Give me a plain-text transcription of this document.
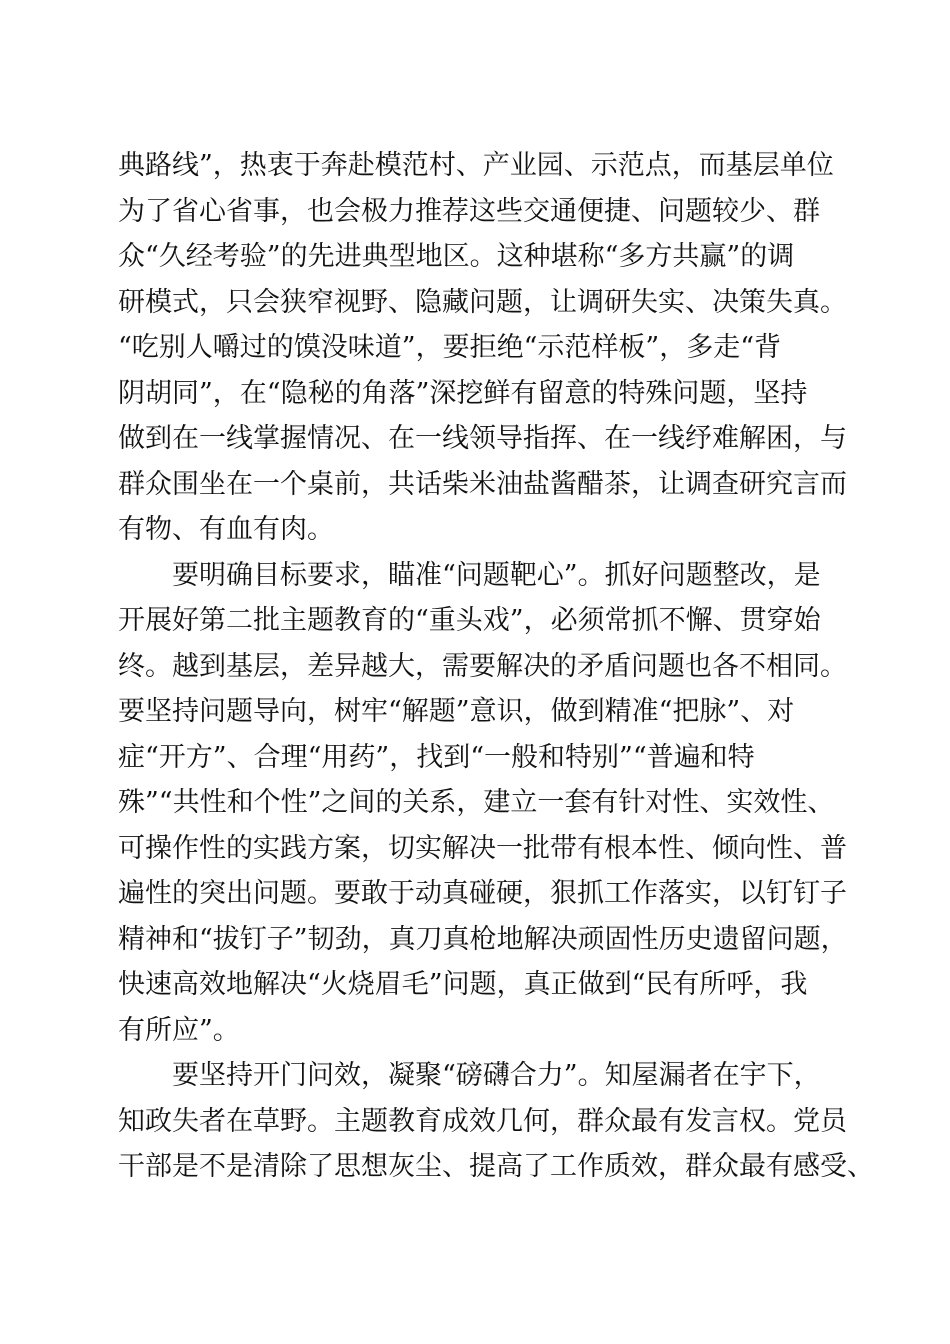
典路线”，热衷于奔赴模范村、产业园、示范点，而基层单位
为了省心省事，也会极力推荐这些交通便捷、问题较少、群
众“久经考验”的先进典型地区。这种堪称“多方共赢”的调
研模式，只会狭窄视野、隐藏问题，让调研失实、决策失真。
“吃别人嚼过的馍没味道”，要拒绝“示范样板”，多走“背
阴胡同”，在“隐秘的角落”深挖鲜有留意的特殊问题，坚持
做到在一线掌握情况、在一线领导指挥、在一线纾难解困，与
群众围坐在一个桌前，共话柴米油盐酱醋茶，让调查研究言而
有物、有血有肉。
要明确目标要求，瞄准“问题靶心”。抓好问题整改，是
开展好第二批主题教育的“重头戏”，必须常抓不懈、贯穿始
终。越到基层，差异越大，需要解决的矛盾问题也各不相同。
要坚持问题导向，树牢“解题”意识，做到精准“把脉”、对
症“开方”、合理“用药”，找到“一般和特别”“普遍和特
殊”“共性和个性”之间的关系，建立一套有针对性、实效性、
可操作性的实践方案，切实解决一批带有根本性、倾向性、普
遍性的突出问题。要敢于动真碰硬，狠抓工作落实，以钉钉子
精神和“拔钉子”韧劲，真刀真枪地解决顽固性历史遗留问题，
快速高效地解决“火烧眉毛”问题，真正做到“民有所呼，我
有所应”。
要坚持开门问效，凝聚“磅礴合力”。知屋漏者在宇下，
知政失者在草野。主题教育成效几何，群众最有发言权。党员
干部是不是清除了思想灰尘、提高了工作质效，群众最有感受、
